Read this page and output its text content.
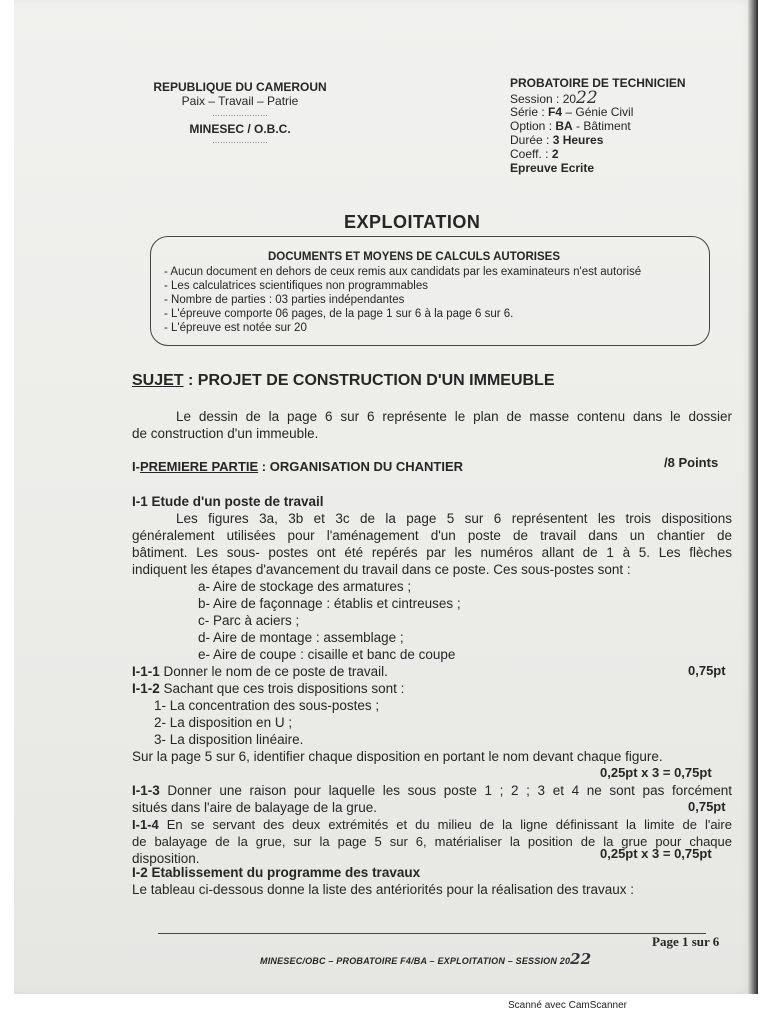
REPUBLIQUE DU CAMEROUN
Paix – Travail – Patrie
…………………
MINESEC / O.B.C.
…………………
PROBATOIRE DE TECHNICIEN
Session : 2022
Série : F4 – Génie Civil
Option : BA - Bâtiment
Durée : 3 Heures
Coeff. : 2
Epreuve Ecrite
EXPLOITATION
DOCUMENTS ET MOYENS DE CALCULS AUTORISES
- Aucun document en dehors de ceux remis aux candidats par les examinateurs n'est autorisé
- Les calculatrices scientifiques non programmables
- Nombre de parties : 03 parties indépendantes
- L'épreuve comporte 06 pages, de la page 1 sur 6 à la page 6 sur 6.
- L'épreuve est notée sur 20
SUJET : PROJET DE CONSTRUCTION D'UN IMMEUBLE
Le dessin de la page 6 sur 6 représente le plan de masse contenu dans le dossier
de construction d'un immeuble.
I-PREMIERE PARTIE : ORGANISATION DU CHANTIER	/8 Points
I-1 Etude d'un poste de travail
Les figures 3a, 3b et 3c de la page 5 sur 6 représentent les trois dispositions
généralement utilisées pour l'aménagement d'un poste de travail dans un chantier de
bâtiment. Les sous- postes ont été repérés par les numéros allant de 1 à 5. Les flèches
indiquent les étapes d'avancement du travail dans ce poste. Ces sous-postes sont :
a- Aire de stockage des armatures ;
b- Aire de façonnage : établis et cintreuses ;
c- Parc à aciers ;
d- Aire de montage : assemblage ;
e- Aire de coupe : cisaille et banc de coupe
I-1-1 Donner le nom de ce poste de travail.	0,75pt
I-1-2 Sachant que ces trois dispositions sont :
1- La concentration des sous-postes ;
2- La disposition en U ;
3- La disposition linéaire.
Sur la page 5 sur 6, identifier chaque disposition en portant le nom devant chaque figure.
0,25pt x 3 = 0,75pt
I-1-3 Donner une raison pour laquelle les sous poste 1 ; 2 ; 3 et 4 ne sont pas forcément
situés dans l'aire de balayage de la grue.	0,75pt
I-1-4 En se servant des deux extrémités et du milieu de la ligne définissant la limite de l'aire
de balayage de la grue, sur la page 5 sur 6, matérialiser la position de la grue pour chaque
disposition.	0,25pt x 3 = 0,75pt
I-2 Etablissement du programme des travaux
Le tableau ci-dessous donne la liste des antériorités pour la réalisation des travaux :
Page 1 sur 6
MINESEC/OBC – PROBATOIRE F4/BA – EXPLOITATION – SESSION 2022
Scanné avec CamScanner
